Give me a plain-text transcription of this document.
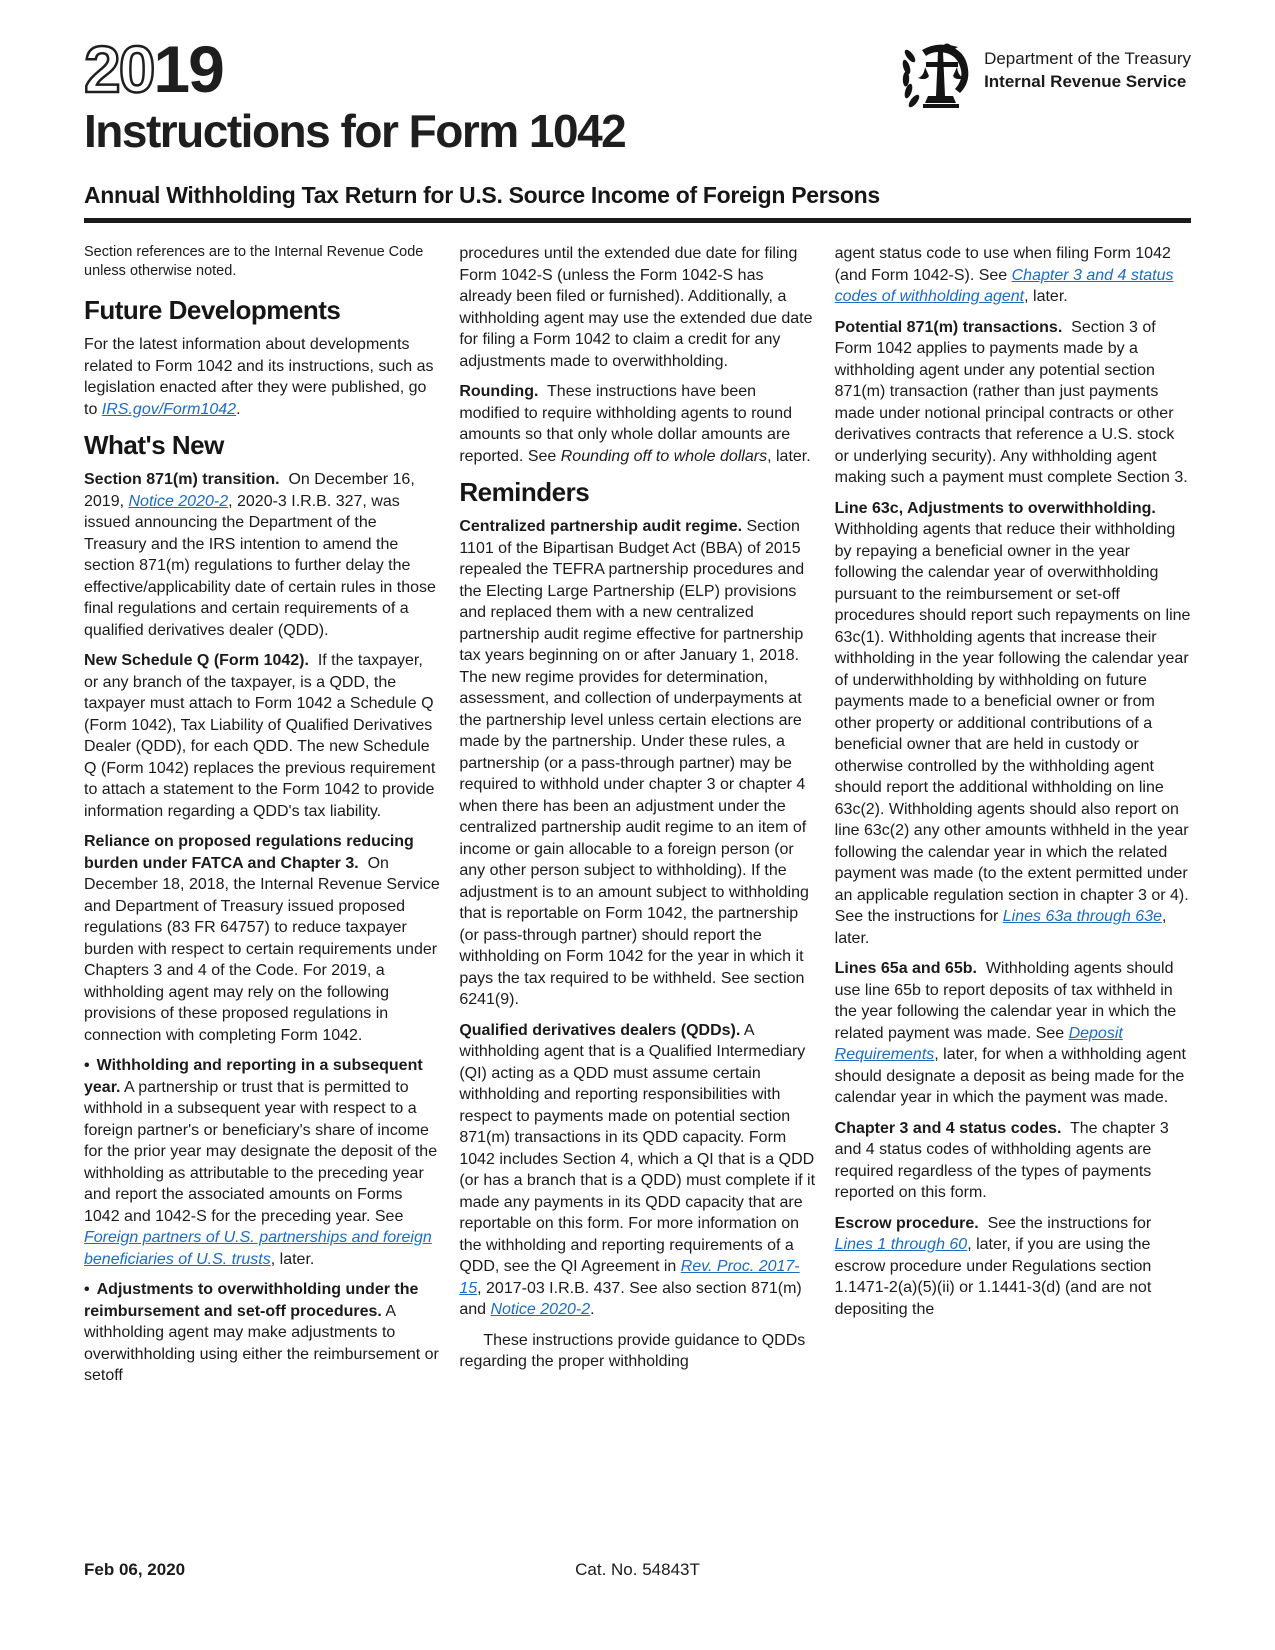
2019
Instructions for Form 1042
Department of the Treasury
Internal Revenue Service
Annual Withholding Tax Return for U.S. Source Income of Foreign Persons
Section references are to the Internal Revenue Code unless otherwise noted.
Future Developments
For the latest information about developments related to Form 1042 and its instructions, such as legislation enacted after they were published, go to IRS.gov/Form1042.
What's New
Section 871(m) transition.  On December 16, 2019, Notice 2020-2, 2020-3 I.R.B. 327, was issued announcing the Department of the Treasury and the IRS intention to amend the section 871(m) regulations to further delay the effective/applicability date of certain rules in those final regulations and certain requirements of a qualified derivatives dealer (QDD).
New Schedule Q (Form 1042).  If the taxpayer, or any branch of the taxpayer, is a QDD, the taxpayer must attach to Form 1042 a Schedule Q (Form 1042), Tax Liability of Qualified Derivatives Dealer (QDD), for each QDD. The new Schedule Q (Form 1042) replaces the previous requirement to attach a statement to the Form 1042 to provide information regarding a QDD's tax liability.
Reliance on proposed regulations reducing burden under FATCA and Chapter 3.  On December 18, 2018, the Internal Revenue Service and Department of Treasury issued proposed regulations (83 FR 64757) to reduce taxpayer burden with respect to certain requirements under Chapters 3 and 4 of the Code. For 2019, a withholding agent may rely on the following provisions of these proposed regulations in connection with completing Form 1042.
• Withholding and reporting in a subsequent year. A partnership or trust that is permitted to withhold in a subsequent year with respect to a foreign partner's or beneficiary's share of income for the prior year may designate the deposit of the withholding as attributable to the preceding year and report the associated amounts on Forms 1042 and 1042-S for the preceding year. See Foreign partners of U.S. partnerships and foreign beneficiaries of U.S. trusts, later.
• Adjustments to overwithholding under the reimbursement and set-off procedures. A withholding agent may make adjustments to overwithholding using either the reimbursement or setoff
procedures until the extended due date for filing Form 1042-S (unless the Form 1042-S has already been filed or furnished). Additionally, a withholding agent may use the extended due date for filing a Form 1042 to claim a credit for any adjustments made to overwithholding.
Rounding.  These instructions have been modified to require withholding agents to round amounts so that only whole dollar amounts are reported. See Rounding off to whole dollars, later.
Reminders
Centralized partnership audit regime. Section 1101 of the Bipartisan Budget Act (BBA) of 2015 repealed the TEFRA partnership procedures and the Electing Large Partnership (ELP) provisions and replaced them with a new centralized partnership audit regime effective for partnership tax years beginning on or after January 1, 2018. The new regime provides for determination, assessment, and collection of underpayments at the partnership level unless certain elections are made by the partnership. Under these rules, a partnership (or a pass-through partner) may be required to withhold under chapter 3 or chapter 4 when there has been an adjustment under the centralized partnership audit regime to an item of income or gain allocable to a foreign person (or any other person subject to withholding). If the adjustment is to an amount subject to withholding that is reportable on Form 1042, the partnership (or pass-through partner) should report the withholding on Form 1042 for the year in which it pays the tax required to be withheld. See section 6241(9).
Qualified derivatives dealers (QDDs). A withholding agent that is a Qualified Intermediary (QI) acting as a QDD must assume certain withholding and reporting responsibilities with respect to payments made on potential section 871(m) transactions in its QDD capacity. Form 1042 includes Section 4, which a QI that is a QDD (or has a branch that is a QDD) must complete if it made any payments in its QDD capacity that are reportable on this form. For more information on the withholding and reporting requirements of a QDD, see the QI Agreement in Rev. Proc. 2017-15, 2017-03 I.R.B. 437. See also section 871(m) and Notice 2020-2.
These instructions provide guidance to QDDs regarding the proper withholding
agent status code to use when filing Form 1042 (and Form 1042-S). See Chapter 3 and 4 status codes of withholding agent, later.
Potential 871(m) transactions.  Section 3 of Form 1042 applies to payments made by a withholding agent under any potential section 871(m) transaction (rather than just payments made under notional principal contracts or other derivatives contracts that reference a U.S. stock or underlying security). Any withholding agent making such a payment must complete Section 3.
Line 63c, Adjustments to overwithholding.  Withholding agents that reduce their withholding by repaying a beneficial owner in the year following the calendar year of overwithholding pursuant to the reimbursement or set-off procedures should report such repayments on line 63c(1). Withholding agents that increase their withholding in the year following the calendar year of underwithholding by withholding on future payments made to a beneficial owner or from other property or additional contributions of a beneficial owner that are held in custody or otherwise controlled by the withholding agent should report the additional withholding on line 63c(2). Withholding agents should also report on line 63c(2) any other amounts withheld in the year following the calendar year in which the related payment was made (to the extent permitted under an applicable regulation section in chapter 3 or 4). See the instructions for Lines 63a through 63e, later.
Lines 65a and 65b.  Withholding agents should use line 65b to report deposits of tax withheld in the year following the calendar year in which the related payment was made. See Deposit Requirements, later, for when a withholding agent should designate a deposit as being made for the calendar year in which the payment was made.
Chapter 3 and 4 status codes.  The chapter 3 and 4 status codes of withholding agents are required regardless of the types of payments reported on this form.
Escrow procedure.  See the instructions for Lines 1 through 60, later, if you are using the escrow procedure under Regulations section 1.1471-2(a)(5)(ii) or 1.1441-3(d) (and are not depositing the
Feb 06, 2020	Cat. No. 54843T
